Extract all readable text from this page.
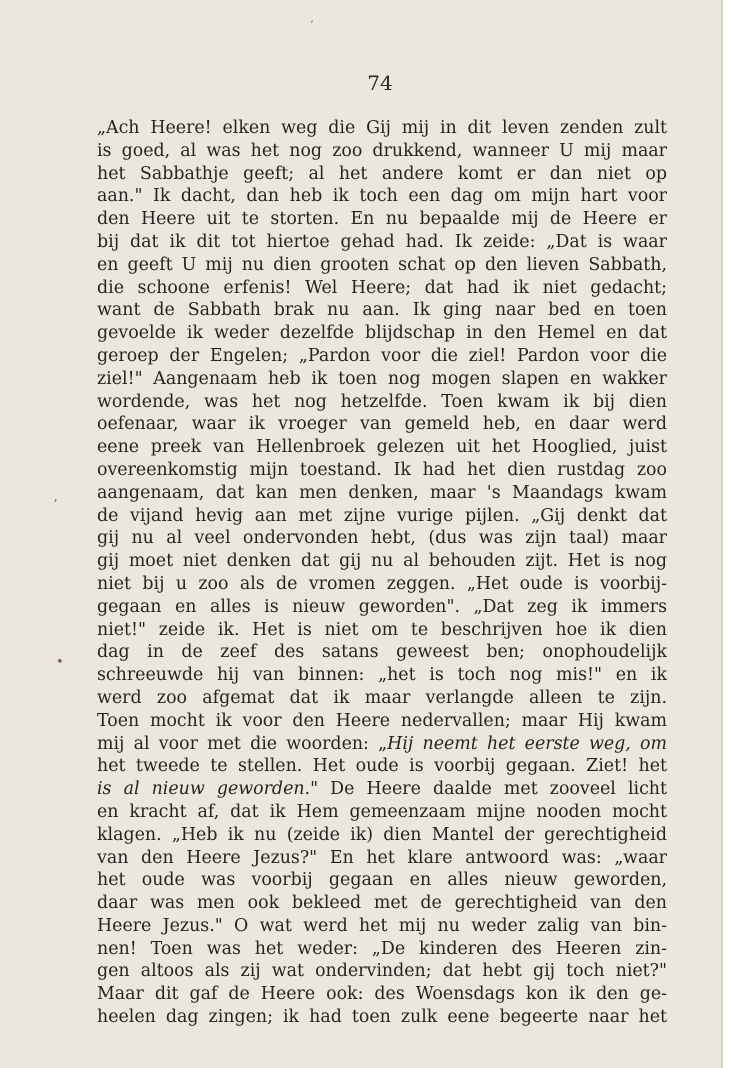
ʼ
ʼ
•
74
„Ach Heere! elken weg die Gij mij in dit leven zenden zult
is goed, al was het nog zoo drukkend, wanneer U mij maar
het Sabbathje geeft; al het andere komt er dan niet op
aan." Ik dacht, dan heb ik toch een dag om mijn hart voor
den Heere uit te storten. En nu bepaalde mij de Heere er
bij dat ik dit tot hiertoe gehad had. Ik zeide: „Dat is waar
en geeft U mij nu dien grooten schat op den lieven Sabbath,
die schoone erfenis! Wel Heere; dat had ik niet gedacht;
want de Sabbath brak nu aan. Ik ging naar bed en toen
gevoelde ik weder dezelfde blijdschap in den Hemel en dat
geroep der Engelen; „Pardon voor die ziel! Pardon voor die
ziel!" Aangenaam heb ik toen nog mogen slapen en wakker
wordende, was het nog hetzelfde. Toen kwam ik bij dien
oefenaar, waar ik vroeger van gemeld heb, en daar werd
eene preek van Hellenbroek gelezen uit het Hooglied, juist
overeenkomstig mijn toestand. Ik had het dien rustdag zoo
aangenaam, dat kan men denken, maar 's Maandags kwam
de vijand hevig aan met zijne vurige pijlen. „Gij denkt dat
gij nu al veel ondervonden hebt, (dus was zijn taal) maar
gij moet niet denken dat gij nu al behouden zijt. Het is nog
niet bij u zoo als de vromen zeggen. „Het oude is voorbij-
gegaan en alles is nieuw geworden". „Dat zeg ik immers
niet!" zeide ik. Het is niet om te beschrijven hoe ik dien
dag in de zeef des satans geweest ben; onophoudelijk
schreeuwde hij van binnen: „het is toch nog mis!" en ik
werd zoo afgemat dat ik maar verlangde alleen te zijn.
Toen mocht ik voor den Heere nedervallen; maar Hij kwam
mij al voor met die woorden: „Hij neemt het eerste weg, om
het tweede te stellen. Het oude is voorbij gegaan. Ziet! het
is al nieuw geworden." De Heere daalde met zooveel licht
en kracht af, dat ik Hem gemeenzaam mijne nooden mocht
klagen. „Heb ik nu (zeide ik) dien Mantel der gerechtigheid
van den Heere Jezus?" En het klare antwoord was: „waar
het oude was voorbij gegaan en alles nieuw geworden,
daar was men ook bekleed met de gerechtigheid van den
Heere Jezus." O wat werd het mij nu weder zalig van bin-
nen! Toen was het weder: „De kinderen des Heeren zin-
gen altoos als zij wat ondervinden; dat hebt gij toch niet?"
Maar dit gaf de Heere ook: des Woensdags kon ik den ge-
heelen dag zingen; ik had toen zulk eene begeerte naar het
